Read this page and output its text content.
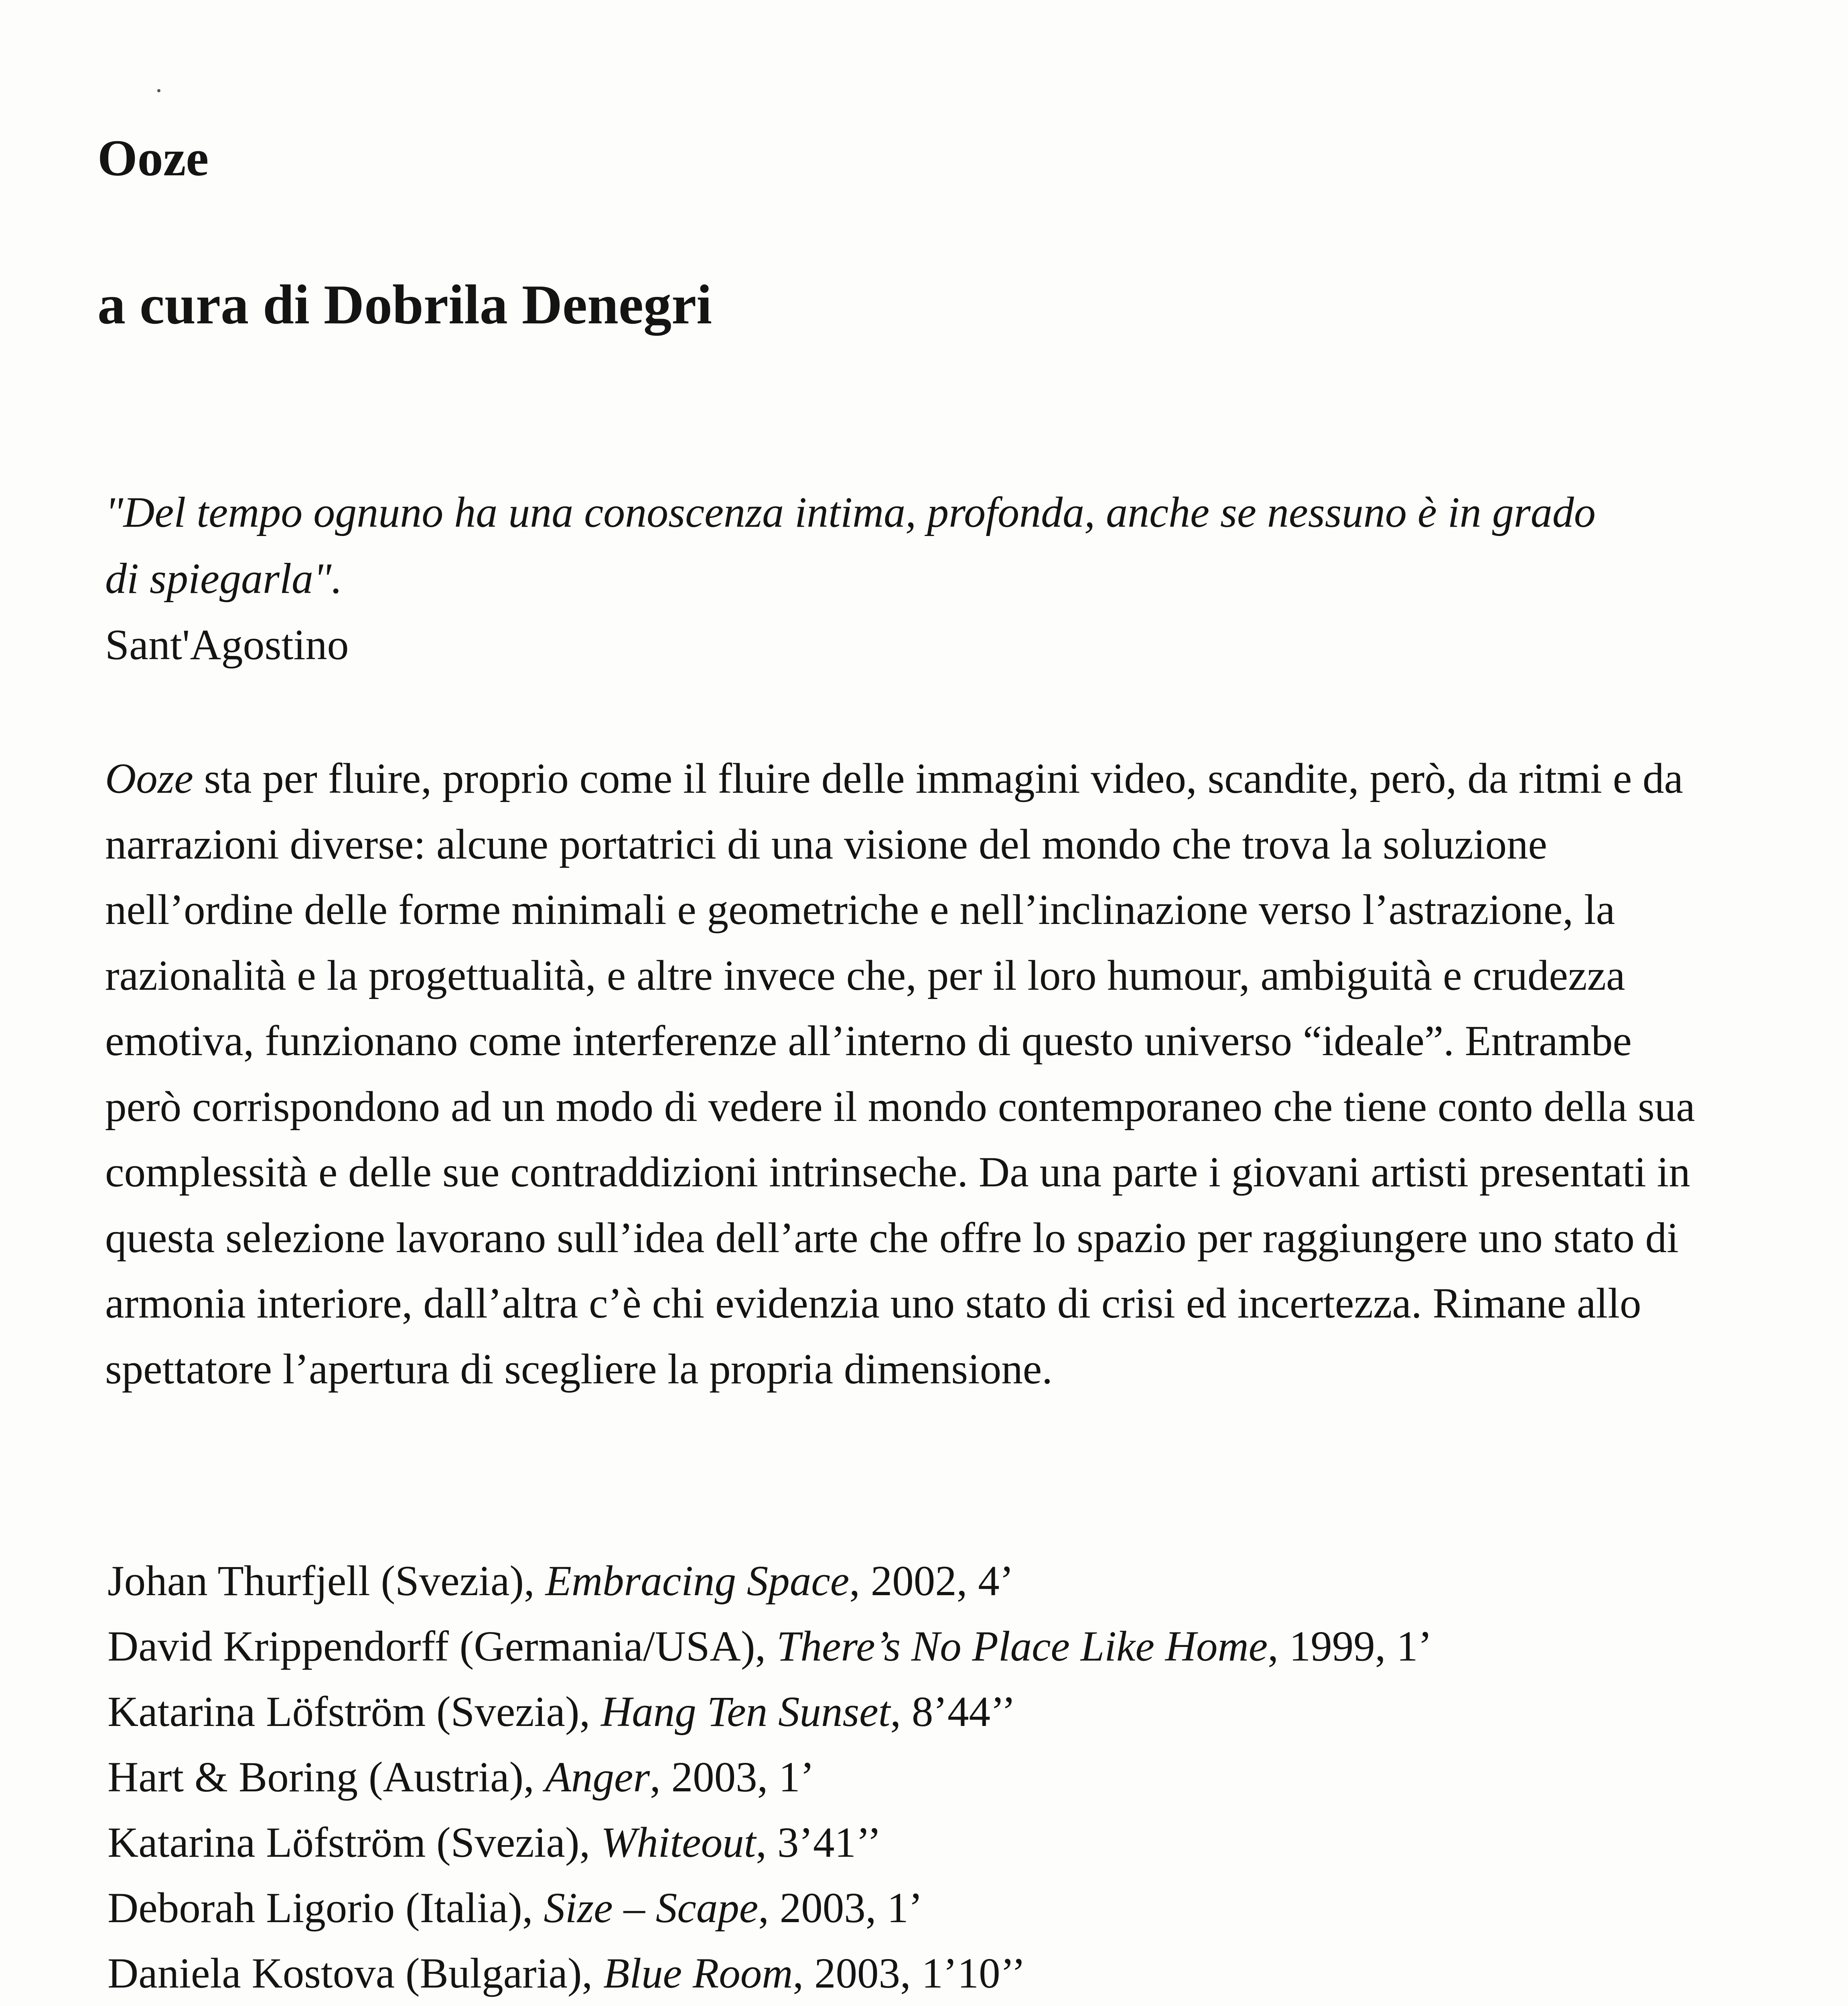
Ooze
a cura di Dobrila Denegri
"Del tempo ognuno ha una conoscenza intima, profonda, anche se nessuno è in grado di spiegarla".
Sant'Agostino

Ooze sta per fluire, proprio come il fluire delle immagini video, scandite, però, da ritmi e da narrazioni diverse: alcune portatrici di una visione del mondo che trova la soluzione nell’ordine delle forme minimali e geometriche e nell’inclinazione verso l’astrazione, la razionalità e la progettualità, e altre invece che, per il loro humour, ambiguità e crudezza emotiva, funzionano come interferenze all’interno di questo universo “ideale”. Entrambe però corrispondono ad un modo di vedere il mondo contemporaneo che tiene conto della sua complessità e delle sue contraddizioni intrinseche. Da una parte i giovani artisti presentati in questa selezione lavorano sull’idea dell’arte che offre lo spazio per raggiungere uno stato di armonia interiore, dall’altra c’è chi evidenzia uno stato di crisi ed incertezza. Rimane allo spettatore l’apertura di scegliere la propria dimensione.

Johan Thurfjell (Svezia), Embracing Space, 2002, 4’
David Krippendorff (Germania/USA), There’s No Place Like Home, 1999, 1’
Katarina Löfström (Svezia), Hang Ten Sunset, 8’44’’
Hart & Boring (Austria), Anger, 2003, 1’
Katarina Löfström (Svezia), Whiteout, 3’41’’
Deborah Ligorio (Italia), Size – Scape, 2003, 1’
Daniela Kostova (Bulgaria), Blue Room, 2003, 1’10’’
